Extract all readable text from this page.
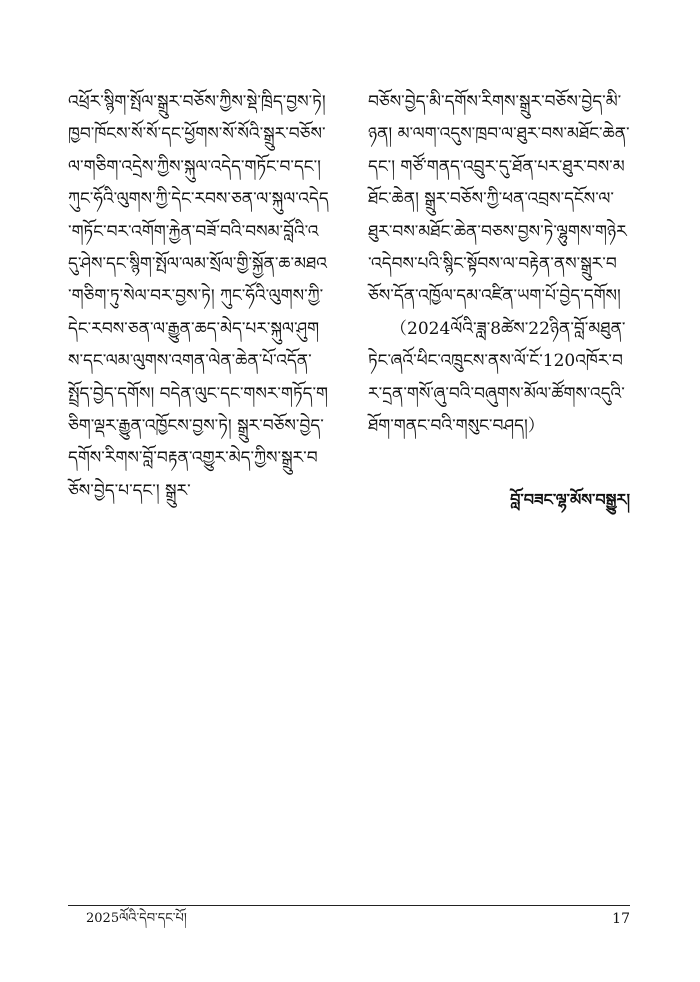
འཕྲོར་སྙིག་སྤོལ་སྒྲུར་བཅོས་ཀྱིས་སྡེ་ཁྲིད་བྱས་ཏེ། ཁྱབ་ཁོངས་སོ་སོ་དང་ཕྱོགས་སོ་སོའི་སྒྲུར་བཅོས་ལ་གཅིག་འདྲེས་ཀྱིས་སྐུལ་འདེད་གཏོང་བ་དང་། ཀུང་ཧོའི་ལུགས་ཀྱི་དེང་རབས་ཅན་ལ་སྐུལ་འདེད་གཏོང་བར་འགོག་རྐྱེན་བཟོ་བའི་བསམ་བློའི་འདུ་ཤེས་དང་སྙིག་སྤོལ་ལམ་སྲོལ་གྱི་སྐྱོན་ཆ་མཐའ་གཅིག་ཏུ་སེལ་བར་བྱས་ཏེ། ཀུང་ཧོའི་ལུགས་ཀྱི་དེང་རབས་ཅན་ལ་རྒྱུན་ཆད་མེད་པར་སྐུལ་ཤུགས་དང་ལམ་ལུགས་འགན་ལེན་ཆེན་པོ་འདོན་སྤྲོད་བྱེད་དགོས། བདེན་ལུང་དང་གསར་གཏོད་གཅིག་ལྡར་རྒྱུན་འཁྱོངས་བྱས་ཏེ། སྒྲུར་བཅོས་བྱེད་དགོས་རིགས་བློ་བརྟན་འགྱུར་མེད་ཀྱིས་སྒྲུར་བཅོས་བྱེད་པ་དང་། སྒྲུར་

བཅོས་བྱེད་མི་དགོས་རིགས་སྒྲུར་བཅོས་བྱེད་མི་ཉན། མ་ལག་འདུས་ཁྲབ་ལ་ཐུར་བས་མཐོང་ཆེན་དང་། གཙོ་གནད་འབྲུར་དུ་ཐོན་པར་ཐུར་བས་མཐོང་ཆེན། སྒྲུར་བཅོས་ཀྱི་ཕན་འབྲས་དངོས་ལ་ཐུར་བས་མཐོང་ཆེན་བཅས་བྱས་ཏེ་ལྷུགས་གཉེར་འདེབས་པའི་སྙིང་སྟོབས་ལ་བརྟེན་ནས་སྒྲུར་བཅོས་དོན་འཁྱོལ་དམ་འཛིན་ཡག་པོ་བྱེད་དགོས།

（2024ལོའི་ཟླ་8ཚེས་22ཉིན་བློ་མཐུན་ཏེང་ཞའོ་ཕིང་འཁྲུངས་ནས་ལོ་ངོ་120འཁོར་བར་དྲན་གསོ་ཞུ་བའི་བཞུགས་མོལ་ཚོགས་འདུའི་ཐོག་གནང་བའི་གསུང་བཤད།）

བློ་བཟང་ལྷ་མོས་བསྒྱུར།
2025ལོའི་དེབ་དང་པོ།	17
